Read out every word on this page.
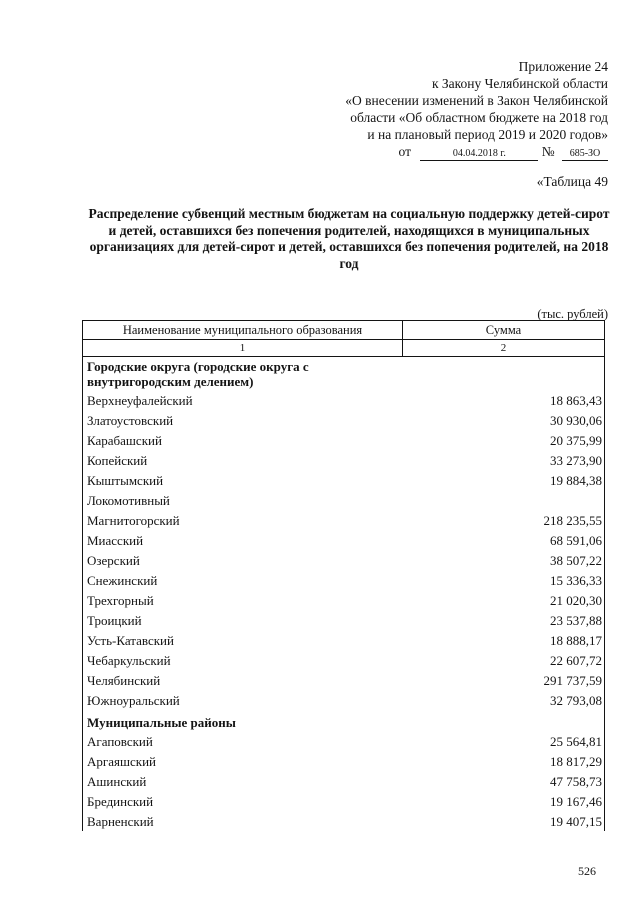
Приложение 24
к Закону Челябинской области
«О внесении изменений в Закон Челябинской
области «Об областном бюджете на 2018 год
и на плановый период 2019 и 2020 годов»
от	04.04.2018 г.	№ 685-ЗО
«Таблица 49
Распределение субвенций местным бюджетам на социальную поддержку детей-сирот и детей, оставшихся без попечения родителей, находящихся в муниципальных организациях для детей-сирот и детей, оставшихся без попечения родителей, на 2018 год
(тыс. рублей)
Наименование муниципального образования	Сумма
1	2
Городские округа (городские округа с внутригородским делением)	
Верхнеуфалейский	18 863,43
Златоустовский	30 930,06
Карабашский	20 375,99
Копейский	33 273,90
Кыштымский	19 884,38
Локомотивный	
Магнитогорский	218 235,55
Миасский	68 591,06
Озерский	38 507,22
Снежинский	15 336,33
Трехгорный	21 020,30
Троицкий	23 537,88
Усть-Катавский	18 888,17
Чебаркульский	22 607,72
Челябинский	291 737,59
Южноуральский	32 793,08
Муниципальные районы	
Агаповский	25 564,81
Аргаяшский	18 817,29
Ашинский	47 758,73
Брединский	19 167,46
Варненский	19 407,15
526
